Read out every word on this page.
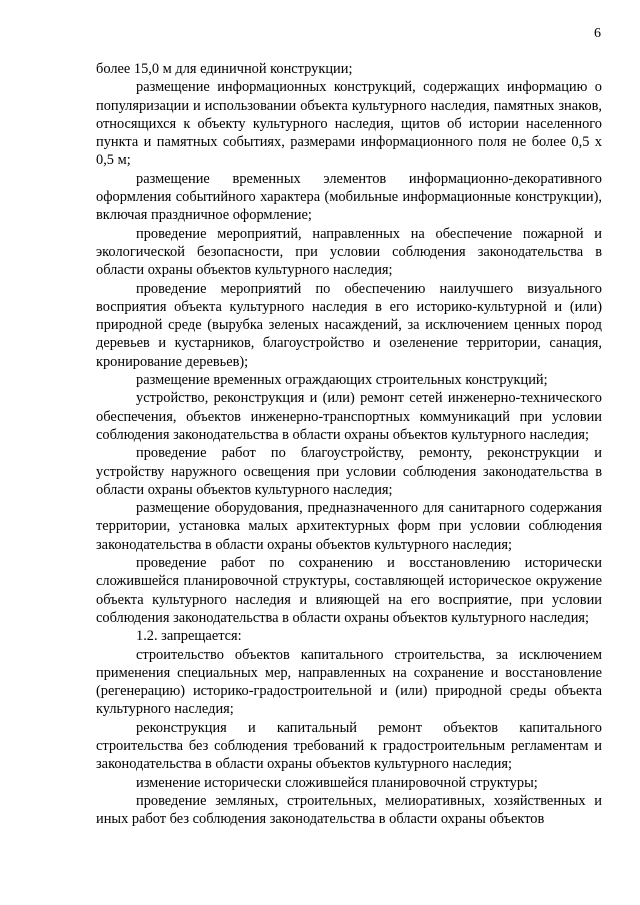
6

более 15,0 м для единичной конструкции;

размещение информационных конструкций, содержащих информацию о популяризации и использовании объекта культурного наследия, памятных знаков, относящихся к объекту культурного наследия, щитов об истории населенного пункта и памятных событиях, размерами информационного поля не более 0,5 х 0,5 м;

размещение временных элементов информационно-декоративного оформления событийного характера (мобильные информационные конструкции), включая праздничное оформление;

проведение мероприятий, направленных на обеспечение пожарной и экологической безопасности, при условии соблюдения законодательства в области охраны объектов культурного наследия;

проведение мероприятий по обеспечению наилучшего визуального восприятия объекта культурного наследия в его историко-культурной и (или) природной среде (вырубка зеленых насаждений, за исключением ценных пород деревьев и кустарников, благоустройство и озеленение территории, санация, кронирование деревьев);

размещение временных ограждающих строительных конструкций;

устройство, реконструкция и (или) ремонт сетей инженерно-технического обеспечения, объектов инженерно-транспортных коммуникаций при условии соблюдения законодательства в области охраны объектов культурного наследия;

проведение работ по благоустройству, ремонту, реконструкции и устройству наружного освещения при условии соблюдения законодательства в области охраны объектов культурного наследия;

размещение оборудования, предназначенного для санитарного содержания территории, установка малых архитектурных форм при условии соблюдения законодательства в области охраны объектов культурного наследия;

проведение работ по сохранению и восстановлению исторически сложившейся планировочной структуры, составляющей историческое окружение объекта культурного наследия и влияющей на его восприятие, при условии соблюдения законодательства в области охраны объектов культурного наследия;

1.2. запрещается:

строительство объектов капитального строительства, за исключением применения специальных мер, направленных на сохранение и восстановление (регенерацию) историко-градостроительной и (или) природной среды объекта культурного наследия;

реконструкция и капитальный ремонт объектов капитального строительства без соблюдения требований к градостроительным регламентам и законодательства в области охраны объектов культурного наследия;

изменение исторически сложившейся планировочной структуры;

проведение земляных, строительных, мелиоративных, хозяйственных и иных работ без соблюдения законодательства в области охраны объектов
